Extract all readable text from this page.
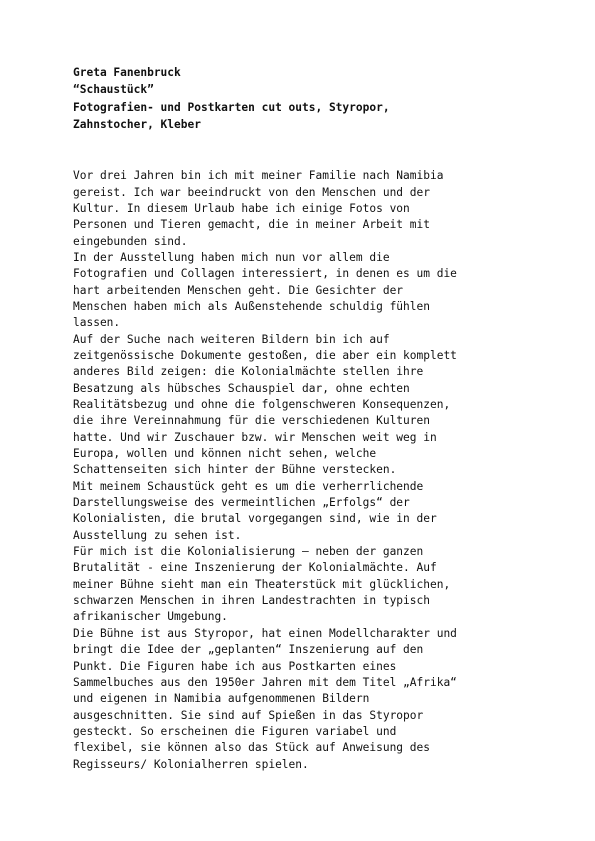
Greta Fanenbruck
“Schaustück”
Fotografien- und Postkarten cut outs, Styropor,
Zahnstocher, Kleber
Vor drei Jahren bin ich mit meiner Familie nach Namibia
gereist. Ich war beeindruckt von den Menschen und der
Kultur. In diesem Urlaub habe ich einige Fotos von
Personen und Tieren gemacht, die in meiner Arbeit mit
eingebunden sind.
In der Ausstellung haben mich nun vor allem die
Fotografien und Collagen interessiert, in denen es um die
hart arbeitenden Menschen geht. Die Gesichter der
Menschen haben mich als Außenstehende schuldig fühlen
lassen.
Auf der Suche nach weiteren Bildern bin ich auf
zeitgenössische Dokumente gestoßen, die aber ein komplett
anderes Bild zeigen: die Kolonialmächte stellen ihre
Besatzung als hübsches Schauspiel dar, ohne echten
Realitätsbezug und ohne die folgenschweren Konsequenzen,
die ihre Vereinnahmung für die verschiedenen Kulturen
hatte. Und wir Zuschauer bzw. wir Menschen weit weg in
Europa, wollen und können nicht sehen, welche
Schattenseiten sich hinter der Bühne verstecken.
Mit meinem Schaustück geht es um die verherrlichende
Darstellungsweise des vermeintlichen „Erfolgs“ der
Kolonialisten, die brutal vorgegangen sind, wie in der
Ausstellung zu sehen ist.
Für mich ist die Kolonialisierung – neben der ganzen
Brutalität - eine Inszenierung der Kolonialmächte. Auf
meiner Bühne sieht man ein Theaterstück mit glücklichen,
schwarzen Menschen in ihren Landestrachten in typisch
afrikanischer Umgebung.
Die Bühne ist aus Styropor, hat einen Modellcharakter und
bringt die Idee der „geplanten“ Inszenierung auf den
Punkt. Die Figuren habe ich aus Postkarten eines
Sammelbuches aus den 1950er Jahren mit dem Titel „Afrika“
und eigenen in Namibia aufgenommenen Bildern
ausgeschnitten. Sie sind auf Spießen in das Styropor
gesteckt. So erscheinen die Figuren variabel und
flexibel, sie können also das Stück auf Anweisung des
Regisseurs/ Kolonialherren spielen.
